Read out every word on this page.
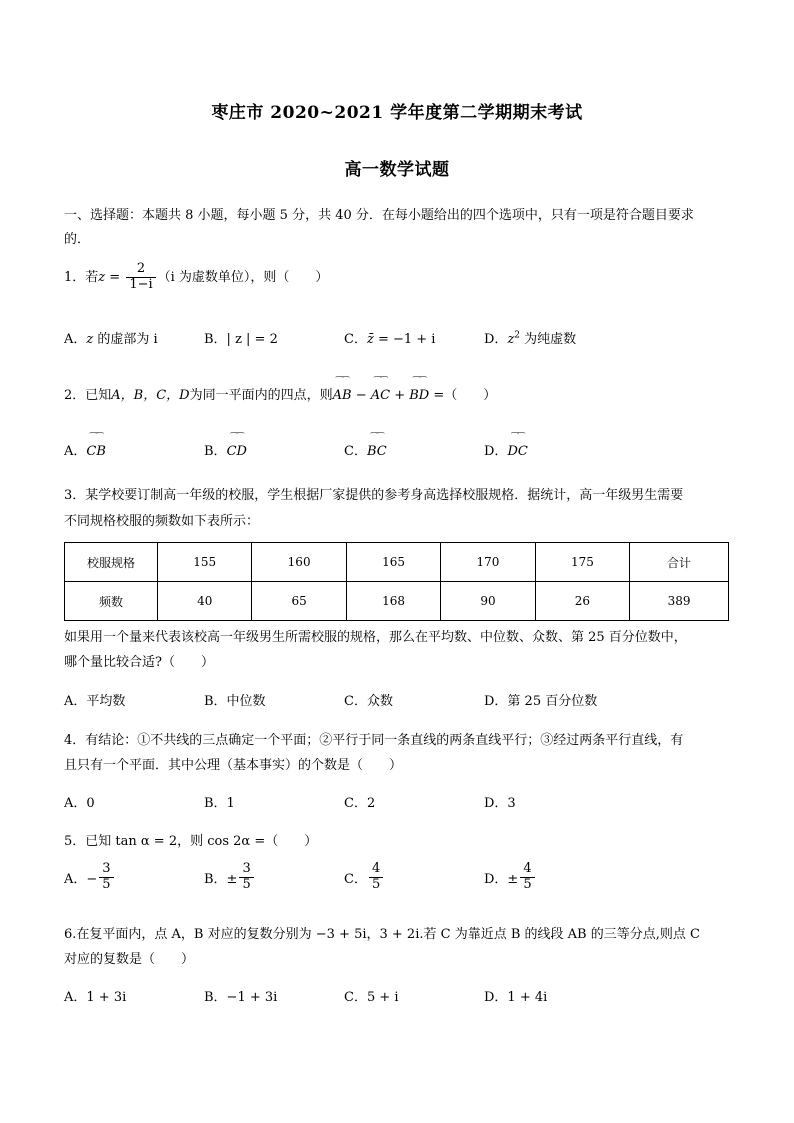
枣庄市 2020~2021 学年度第二学期期末考试
高一数学试题
一、选择题：本题共 8 小题，每小题 5 分，共 40 分．在每小题给出的四个选项中，只有一项是符合题目要求
的．
1．若$z = \frac{2}{1-i} (i$ 为虚数单位），则（　　）
A．z 的虚部为 i	B．| z | = 2	C．z̄ = −1 + i	D．$z^2$ 为纯虚数
2．已知A，B，C，D为同一平面内的四点，则⁀⁀ AB − ⁀⁀ AC + ⁀⁀ BD =（　　）
A．⁀⁀ CB	B．⁀⁀ CD	C．⁀⁀ BC	D．⁀⁀ DC
3．某学校要订制高一年级的校服，学生根据厂家提供的参考身高选择校服规格．据统计，高一年级男生需要
不同规格校服的频数如下表所示：
校服规格	155	160	165	170	175	合计
频数	40	65	168	90	26	389
如果用一个量来代表该校高一年级男生所需校服的规格，那么在平均数、中位数、众数、第 25 百分位数中，
哪个量比较合适?（　　）
A．平均数	B．中位数	C．众数	D．第 25 百分位数
4．有结论：①不共线的三点确定一个平面；②平行于同一条直线的两条直线平行；③经过两条平行直线，有
且只有一个平面．其中公理（基本事实）的个数是（　　）
A．0	B．1	C．2	D．3
5．已知 tan α = 2，则 cos 2α =（　　）
A．− $\frac{3}{5}$	B．± $\frac{3}{5}$	C． $\frac{4}{5}$	D．± $\frac{4}{5}$
6.在复平面内，点 A，B 对应的复数分别为 −3 + 5i，3 + 2i.若 C 为靠近点 B 的线段 AB 的三等分点,则点 C
对应的复数是（　　）
A．1 + 3i	B．−1 + 3i	C．5 + i	D．1 + 4i
